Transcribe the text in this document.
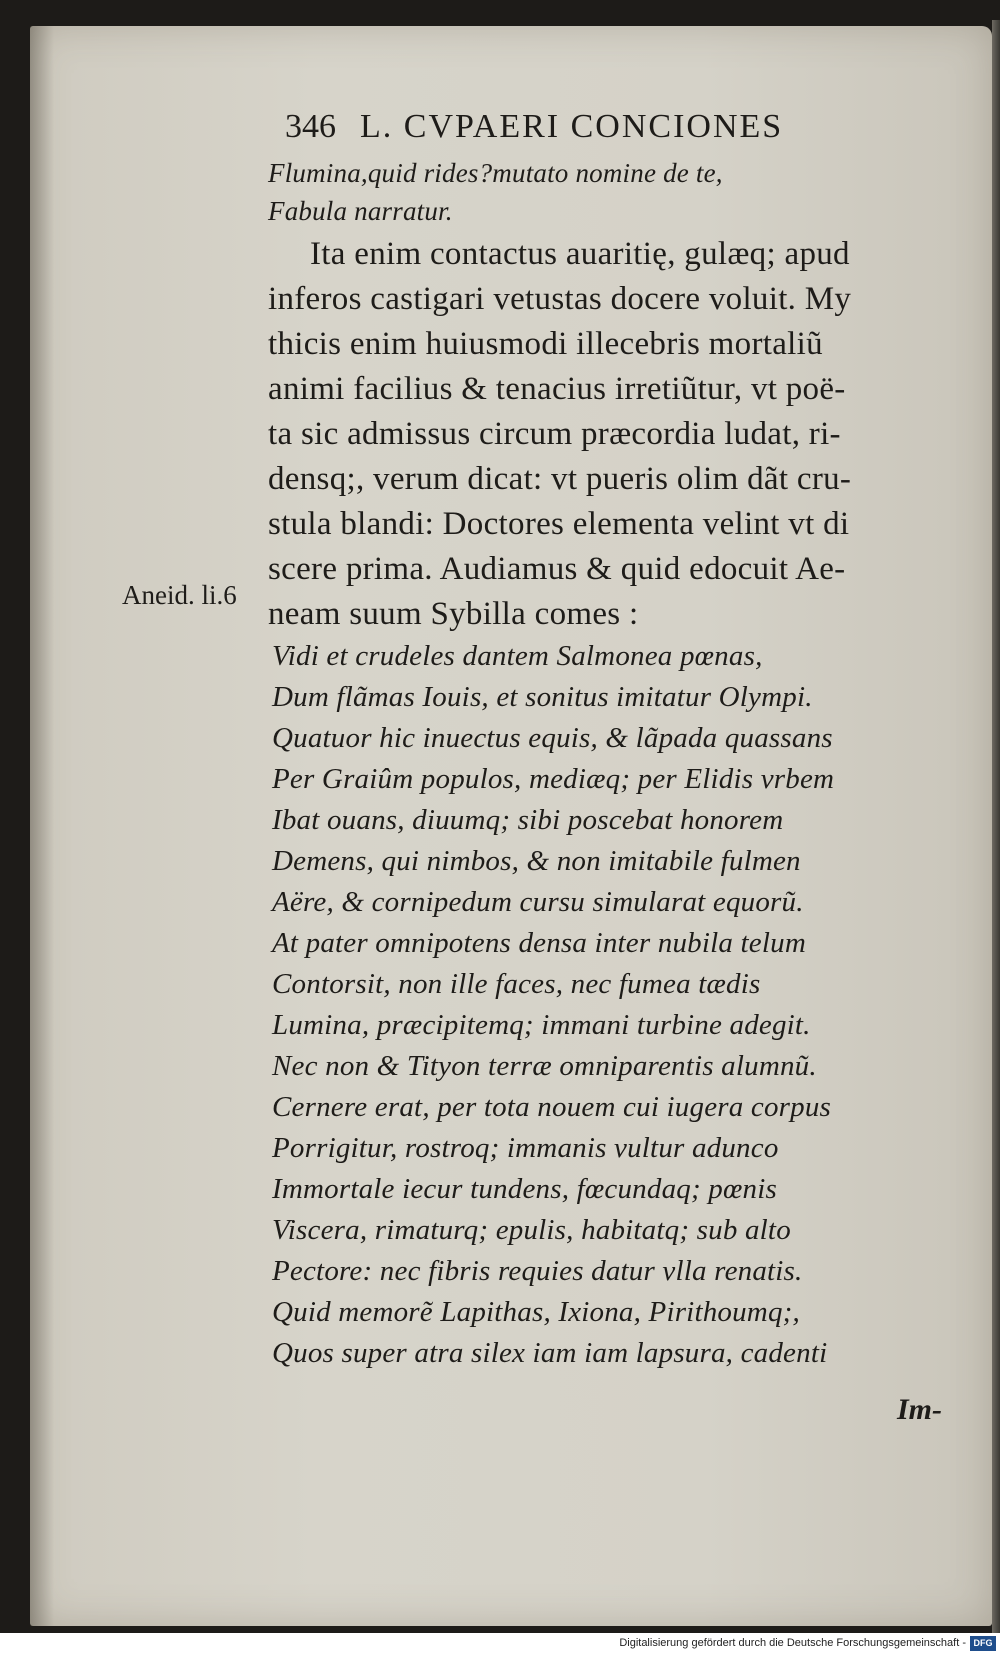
346 L. CVPAERI CONCIONES
Flumina,quid rides?mutato nomine de te,
Fabula narratur.
Ita enim contactus auaritię, gulæq; apud
inferos castigari vetustas docere voluit. My
thicis enim huiusmodi illecebris mortaliũ
animi facilius & tenacius irretiũtur, vt poë-
ta sic admissus circum præcordia ludat, ri-
densq;, verum dicat: vt pueris olim dãt cru-
stula blandi: Doctores elementa velint vt di
scere prima. Audiamus & quid edocuit Ae-
neam suum Sybilla comes :
Aneid. li.6
Vidi et crudeles dantem Salmonea pœnas,
Dum flãmas Iouis, et sonitus imitatur Olympi.
Quatuor hic inuectus equis, & lãpada quassans
Per Graiûm populos, mediæq; per Elidis vrbem
Ibat ouans, diuumq; sibi poscebat honorem
Demens, qui nimbos, & non imitabile fulmen
Aëre, & cornipedum cursu simularat equorũ.
At pater omnipotens densa inter nubila telum
Contorsit, non ille faces, nec fumea tædis
Lumina, præcipitemq; immani turbine adegit.
Nec non & Tityon terræ omniparentis alumnũ.
Cernere erat, per tota nouem cui iugera corpus
Porrigitur, rostroq; immanis vultur adunco
Immortale iecur tundens, fœcundaq; pœnis
Viscera, rimaturq; epulis, habitatq; sub alto
Pectore: nec fibris requies datur vlla renatis.
Quid memorẽ Lapithas, Ixiona, Pirithoumq;,
Quos super atra silex iam iam lapsura, cadenti
Im-
Digitalisierung gefördert durch die Deutsche Forschungsgemeinschaft - DFG
